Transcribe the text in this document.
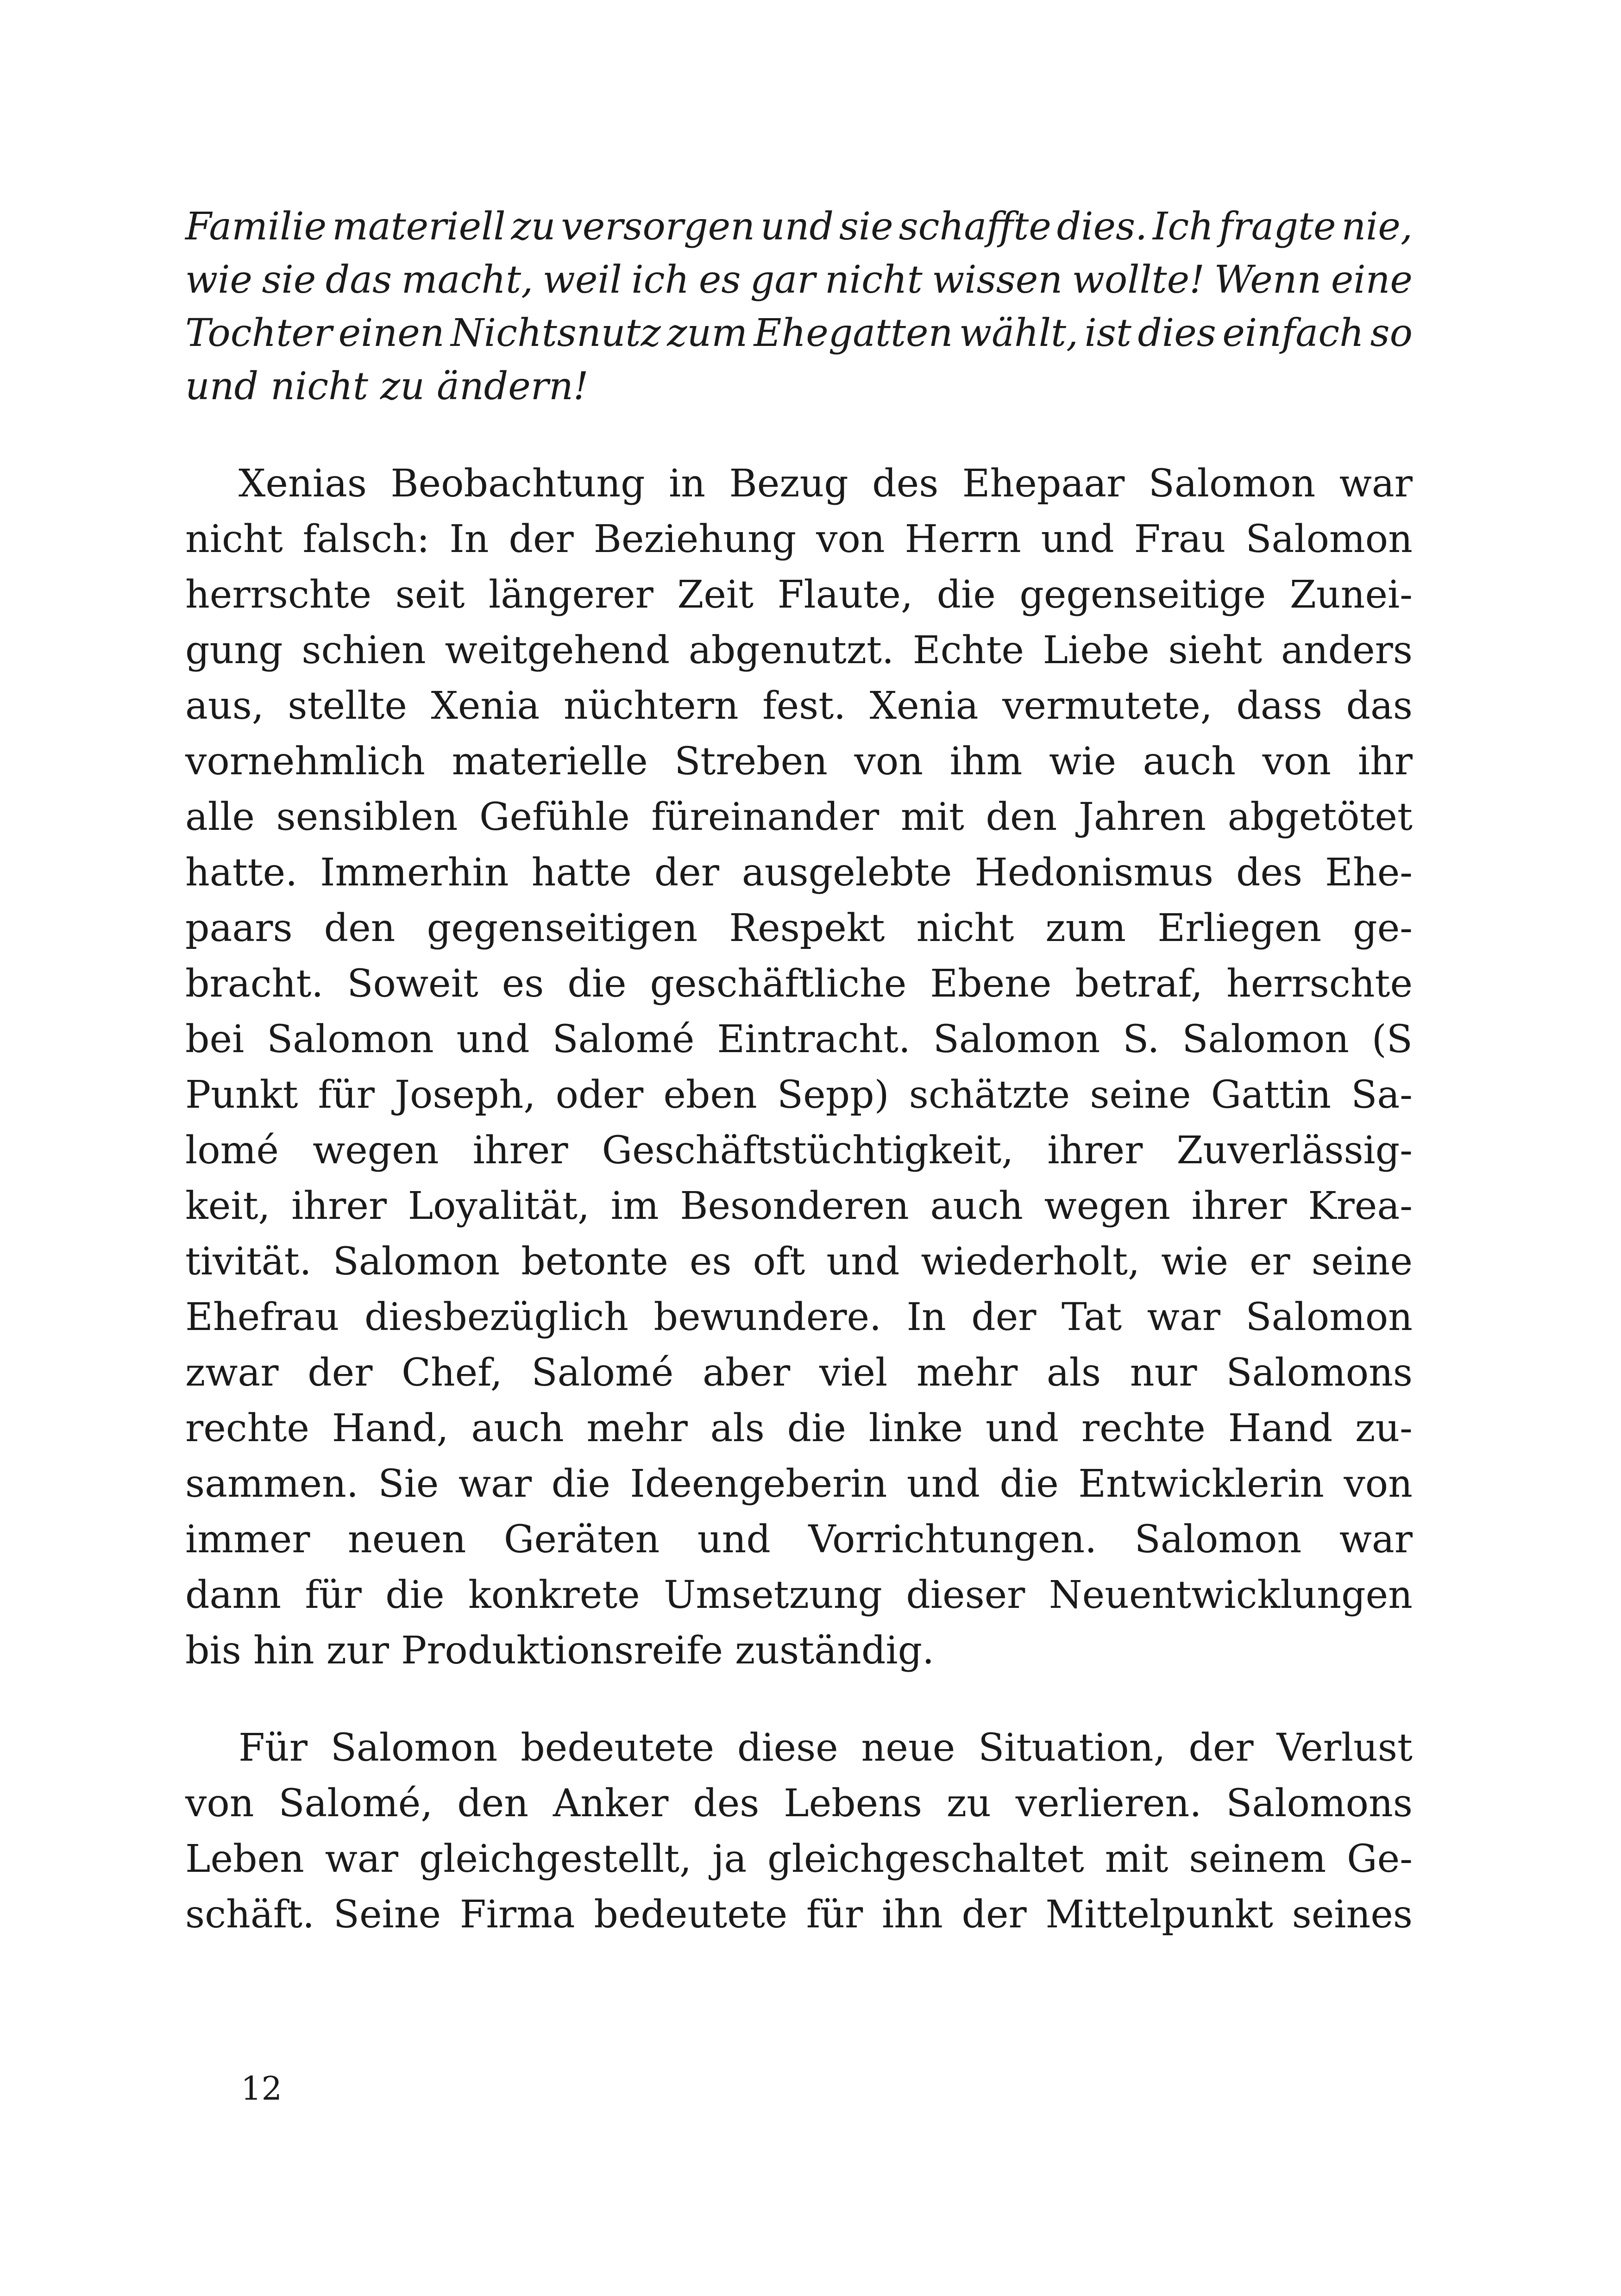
Familie materiell zu versorgen und sie schaffte dies. Ich fragte nie,
wie sie das macht, weil ich es gar nicht wissen wollte! Wenn eine
Tochter einen Nichtsnutz zum Ehegatten wählt, ist dies einfach so
und nicht zu ändern!
Xenias Beobachtung in Bezug des Ehepaar Salomon war
nicht falsch: In der Beziehung von Herrn und Frau Salomon
herrschte seit längerer Zeit Flaute, die gegenseitige Zunei-
gung schien weitgehend abgenutzt. Echte Liebe sieht anders
aus, stellte Xenia nüchtern fest. Xenia vermutete, dass das
vornehmlich materielle Streben von ihm wie auch von ihr
alle sensiblen Gefühle füreinander mit den Jahren abgetötet
hatte. Immerhin hatte der ausgelebte Hedonismus des Ehe-
paars den gegenseitigen Respekt nicht zum Erliegen ge-
bracht. Soweit es die geschäftliche Ebene betraf, herrschte
bei Salomon und Salomé Eintracht. Salomon S. Salomon (S
Punkt für Joseph, oder eben Sepp) schätzte seine Gattin Sa-
lomé wegen ihrer Geschäftstüchtigkeit, ihrer Zuverlässig-
keit, ihrer Loyalität, im Besonderen auch wegen ihrer Krea-
tivität. Salomon betonte es oft und wiederholt, wie er seine
Ehefrau diesbezüglich bewundere. In der Tat war Salomon
zwar der Chef, Salomé aber viel mehr als nur Salomons
rechte Hand, auch mehr als die linke und rechte Hand zu-
sammen. Sie war die Ideengeberin und die Entwicklerin von
immer neuen Geräten und Vorrichtungen. Salomon war
dann für die konkrete Umsetzung dieser Neuentwicklungen
bis hin zur Produktionsreife zuständig.
Für Salomon bedeutete diese neue Situation, der Verlust
von Salomé, den Anker des Lebens zu verlieren. Salomons
Leben war gleichgestellt, ja gleichgeschaltet mit seinem Ge-
schäft. Seine Firma bedeutete für ihn der Mittelpunkt seines
12
